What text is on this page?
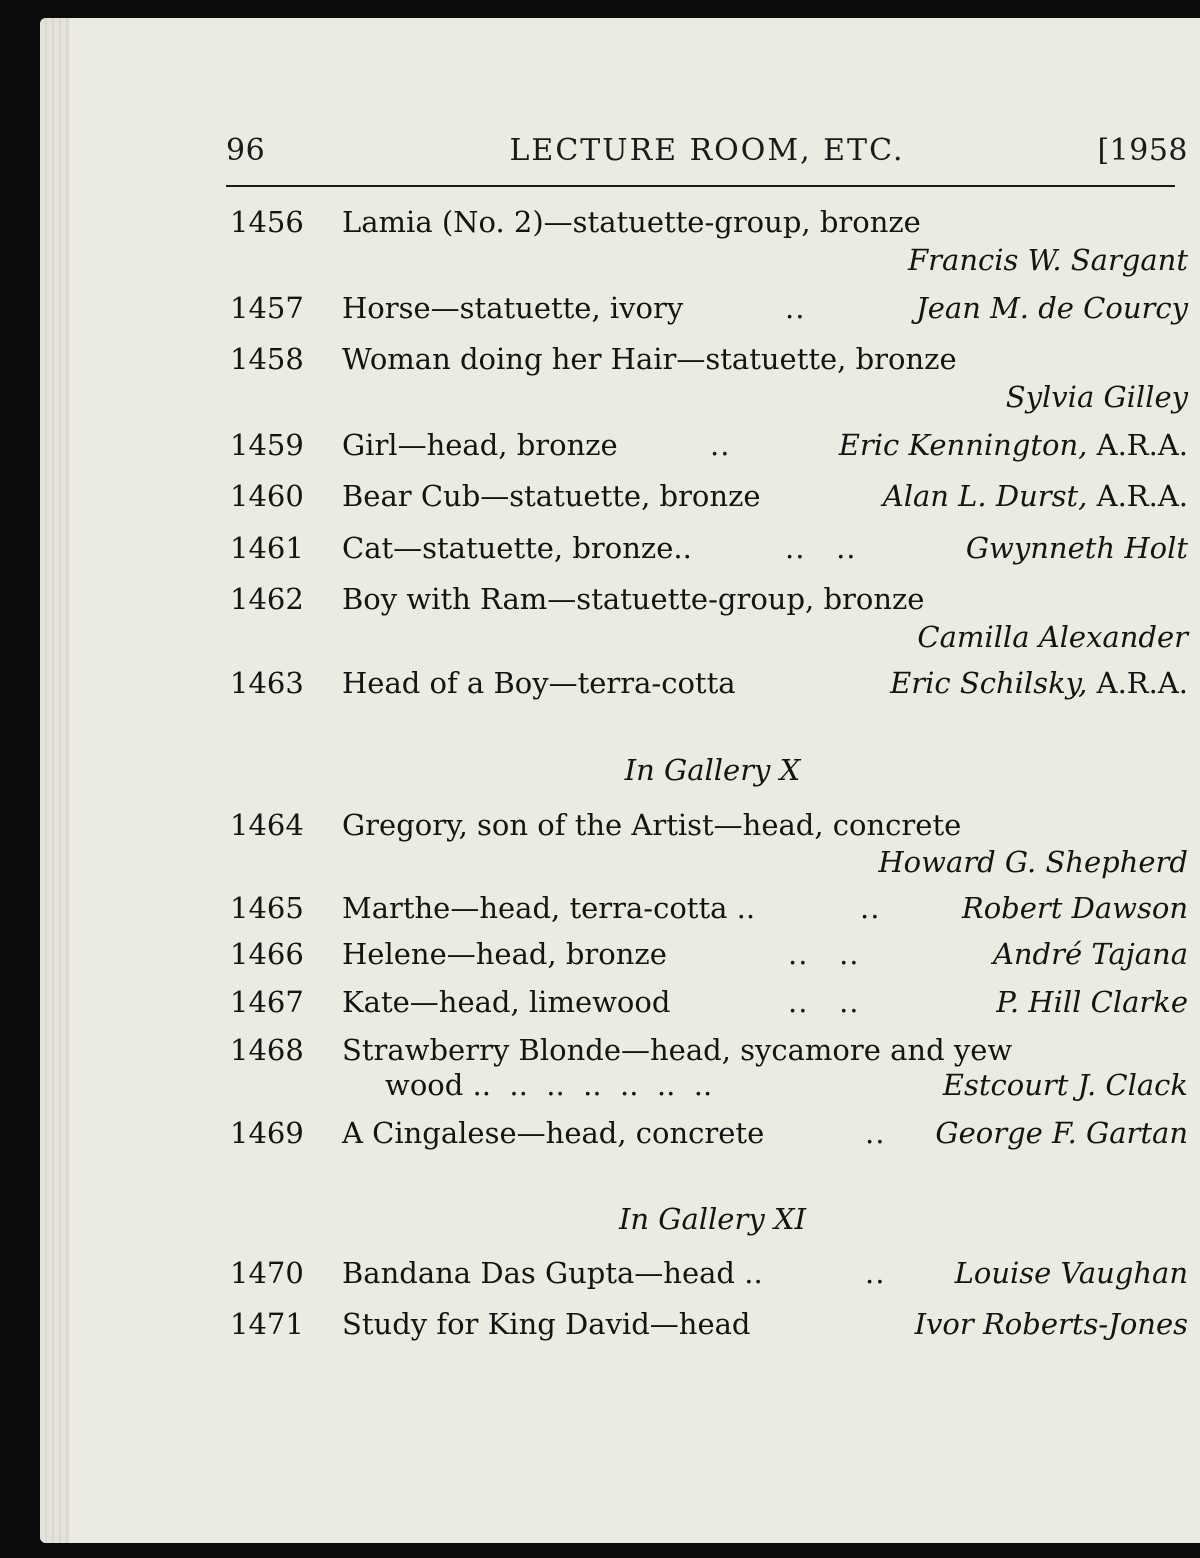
96	LECTURE ROOM, ETC.	[1958
1456	Lamia (No. 2)—statuette-group, bronze
Francis W. Sargant
1457	Horse—statuette, ivory	..	Jean M. de Courcy
1458	Woman doing her Hair—statuette, bronze
Sylvia Gilley
1459	Girl—head, bronze	..	Eric Kennington, A.R.A.
1460	Bear Cub—statuette, bronze	Alan L. Durst, A.R.A.
1461	Cat—statuette, bronze..	..   ..	Gwynneth Holt
1462	Boy with Ram—statuette-group, bronze
Camilla Alexander
1463	Head of a Boy—terra-cotta	Eric Schilsky, A.R.A.
In Gallery X
1464	Gregory, son of the Artist—head, concrete
Howard G. Shepherd
1465	Marthe—head, terra-cotta ..	..	Robert Dawson
1466	Helene—head, bronze	..   ..	André Tajana
1467	Kate—head, limewood	..   ..	P. Hill Clarke
1468	Strawberry Blonde—head, sycamore and yew
wood ..  ..  ..  ..  ..  ..  ..	Estcourt J. Clack
1469	A Cingalese—head, concrete	.. George F. Gartan
In Gallery XI
1470	Bandana Das Gupta—head ..	.. Louise Vaughan
1471	Study for King David—head	Ivor Roberts-Jones
